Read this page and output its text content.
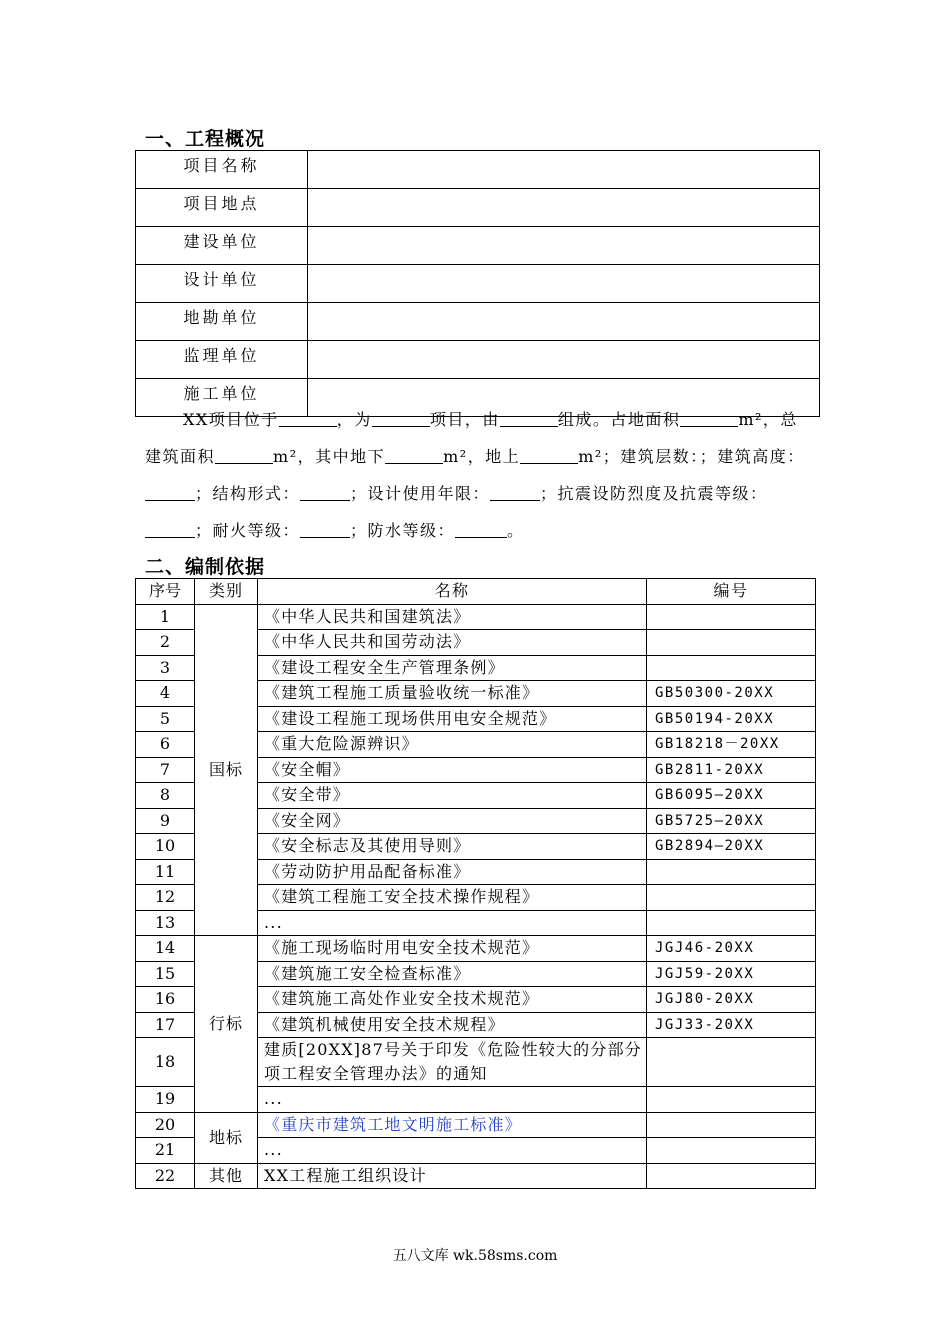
一、工程概况
项目名称	
项目地点	
建设单位	
设计单位	
地勘单位	
监理单位	
施工单位	

XX项目位于	，为	项目，由	组成。占地面积	m²，总建筑面积	m²，其中地下	m²，地上	m²；建筑层数：；建筑高度：；结构形式：	；设计使用年限：	；抗震设防烈度及抗震等级：；耐火等级：	；防水等级：	。

二、编制依据
序号	类别	名称	编号
1	国标	《中华人民共和国建筑法》	
2		《中华人民共和国劳动法》	
3		《建设工程安全生产管理条例》	
4		《建筑工程施工质量验收统一标准》	GB50300-20XX
5		《建设工程施工现场供用电安全规范》	GB50194-20XX
6		《重大危险源辨识》	GB18218－20XX
7		《安全帽》	GB2811-20XX
8		《安全带》	GB6095—20XX
9		《安全网》	GB5725—20XX
10		《安全标志及其使用导则》	GB2894—20XX
11		《劳动防护用品配备标准》	
12		《建筑工程施工安全技术操作规程》	
13		...	
14	行标	《施工现场临时用电安全技术规范》	JGJ46-20XX
15		《建筑施工安全检查标准》	JGJ59-20XX
16		《建筑施工高处作业安全技术规范》	JGJ80-20XX
17		《建筑机械使用安全技术规程》	JGJ33-20XX
18		建质[20XX]87号关于印发《危险性较大的分部分项工程安全管理办法》的通知	
19		...	
20	地标	《重庆市建筑工地文明施工标准》	
21		...	
22	其他	XX工程施工组织设计	
五八文库 wk.58sms.com
